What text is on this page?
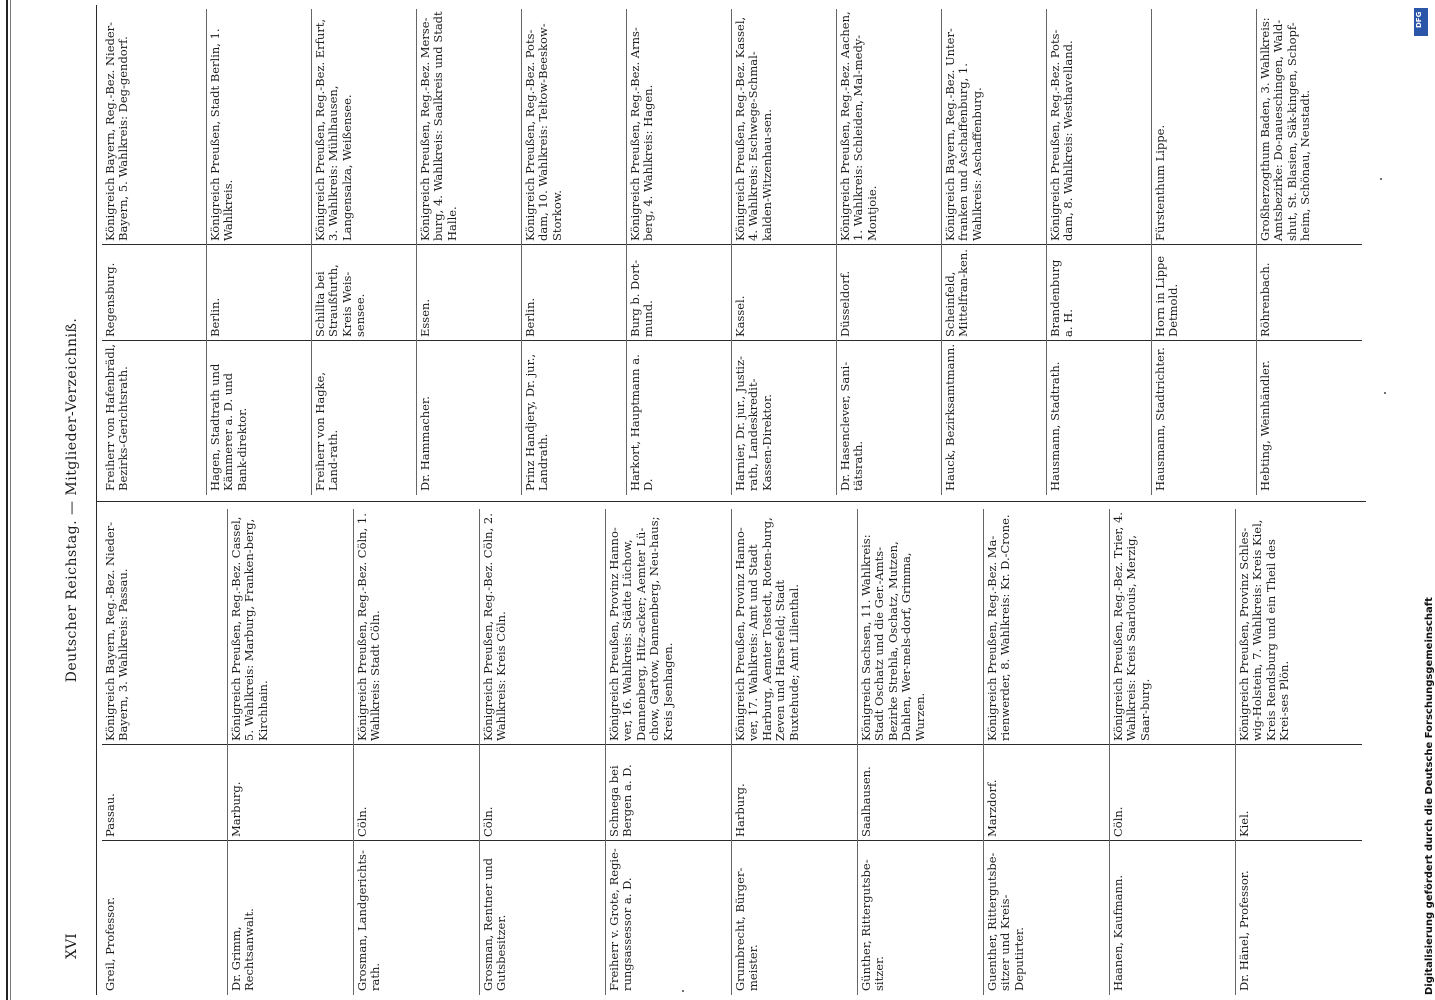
XVI
Deutscher Reichstag. — Mitglieder-Verzeichniß.
Greil, Professor.
Passau.
Königreich Bayern, Reg.-Bez. Nieder-Bayern, 3. Wahlkreis: Passau.
Dr. Grimm, Rechtsanwalt.
Marburg.
Königreich Preußen, Reg.-Bez. Cassel, 5. Wahlkreis: Marburg, Franken-berg, Kirchhain.
Grosman, Landgerichts-rath.
Cöln.
Königreich Preußen, Reg.-Bez. Cöln, 1. Wahlkreis: Stadt Cöln.
Grosman, Rentner und Gutsbesitzer.
Cöln.
Königreich Preußen, Reg.-Bez. Cöln, 2. Wahlkreis: Kreis Cöln.
Freiherr v. Grote, Regie-rungsassessor a. D.
Schnega bei Bergen a. D.
Königreich Preußen, Provinz Hanno-ver, 16. Wahlkreis: Städte Lüchow, Dannenberg, Hitz-acker; Aemter Lü-chow, Gartow, Dannenberg, Neu-haus; Kreis Jsenhagen.
Grumbrecht, Bürger-meister.
Harburg.
Königreich Preußen, Provinz Hanno-ver, 17. Wahlkreis: Amt und Stadt Harburg, Aemter Tostedt, Roten-burg, Zeven und Harsefeld; Stadt Buxtehude; Amt Lilienthal.
Günther, Rittergutsbe-sitzer.
Saalhausen.
Königreich Sachsen, 11. Wahlkreis: Stadt Oschatz und die Ger.-Amts-Bezirke Strehla, Oschatz, Mutzen, Dahlen, Wer-mels-dorf, Grimma, Wurzen.
Guenther, Rittergutsbe-sitzer und Kreis-Deputirter.
Marzdorf.
Königreich Preußen, Reg.-Bez. Ma-rienwerder, 8. Wahlkreis: Kr. D.-Crone.
Haanen, Kaufmann.
Cöln.
Königreich Preußen, Reg.-Bez. Trier, 4. Wahlkreis: Kreis Saarlouis, Merzig, Saar-burg.
Dr. Hänel, Professor.
Kiel.
Königreich Preußen, Provinz Schles-wig-Holstein, 7. Wahlkreis: Kreis Kiel, Kreis Rendsburg und ein Theil des Krei-ses Plön.
Freiherr von Hafenbrädl, Bezirks-Gerichtsrath.
Regensburg.
Königreich Bayern, Reg.-Bez. Nieder-Bayern, 5. Wahlkreis: Deg-gendorf.
Hagen, Stadtrath und Kämmerer a. D. und Bank-direktor.
Berlin.
Königreich Preußen, Stadt Berlin, 1. Wahlkreis.
Freiherr von Hagke, Land-rath.
Schillta bei Straußfurth, Kreis Weis-sensee.
Königreich Preußen, Reg.-Bez. Erfurt, 3. Wahlkreis: Mühlhausen, Langensalza, Weißensee.
Dr. Hammacher.
Essen.
Königreich Preußen, Reg.-Bez. Merse-burg, 4. Wahlkreis: Saalkreis und Stadt Halle.
Prinz Handjery, Dr. jur., Landrath.
Berlin.
Königreich Preußen, Reg.-Bez. Pots-dam, 10. Wahlkreis: Teltow-Beeskow-Storkow.
Harkort, Hauptmann a. D.
Burg b. Dort-mund.
Königreich Preußen, Reg.-Bez. Arns-berg, 4. Wahlkreis: Hagen.
Harnier, Dr. jur., Justiz-rath, Landeskredit-Kassen-Direktor.
Kassel.
Königreich Preußen, Reg.-Bez. Kassel, 4. Wahlkreis: Eschwege-Schmal-kalden-Witzenhau-sen.
Dr. Hasenclever, Sani-tätsrath.
Düsseldorf.
Königreich Preußen, Reg.-Bez. Aachen, 1. Wahlkreis: Schleiden, Mal-medy-Montjoie.
Hauck, Bezirksamtmann.
Scheinfeld, Mittelfran-ken.
Königreich Bayern, Reg.-Bez. Unter-franken und Aschaffenburg, 1. Wahlkreis: Aschaffenburg.
Hausmann, Stadtrath.
Brandenburg a. H.
Königreich Preußen, Reg.-Bez. Pots-dam, 8. Wahlkreis: Westhavelland.
Hausmann, Stadtrichter.
Horn in Lippe Detmold.
Fürstenthum Lippe.
Hebting, Weinhändler.
Röhrenbach.
Großherzogthum Baden, 3. Wahlkreis: Amtsbezirke: Do-naueschingen, Wald-shut, St. Blasien, Säk-kingen, Schopf-heim, Schönau, Neustadt.
Digitalisierung gefördert durch die Deutsche Forschungsgemeinschaft
DFG
